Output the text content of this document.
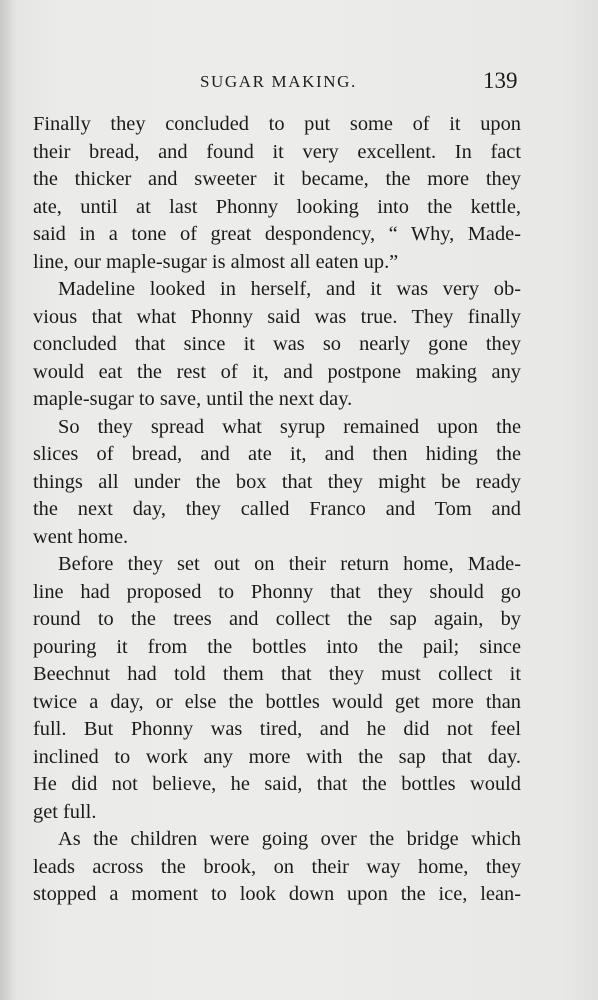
SUGAR MAKING.	139
Finally they concluded to put some of it upon
their bread, and found it very excellent. In fact
the thicker and sweeter it became, the more they
ate, until at last Phonny looking into the kettle,
said in a tone of great despondency, “ Why, Made-
line, our maple-sugar is almost all eaten up.”
Madeline looked in herself, and it was very ob-
vious that what Phonny said was true. They finally
concluded that since it was so nearly gone they
would eat the rest of it, and postpone making any
maple-sugar to save, until the next day.
So they spread what syrup remained upon the
slices of bread, and ate it, and then hiding the
things all under the box that they might be ready
the next day, they called Franco and Tom and
went home.
Before they set out on their return home, Made-
line had proposed to Phonny that they should go
round to the trees and collect the sap again, by
pouring it from the bottles into the pail; since
Beechnut had told them that they must collect it
twice a day, or else the bottles would get more than
full. But Phonny was tired, and he did not feel
inclined to work any more with the sap that day.
He did not believe, he said, that the bottles would
get full.
As the children were going over the bridge which
leads across the brook, on their way home, they
stopped a moment to look down upon the ice, lean-
